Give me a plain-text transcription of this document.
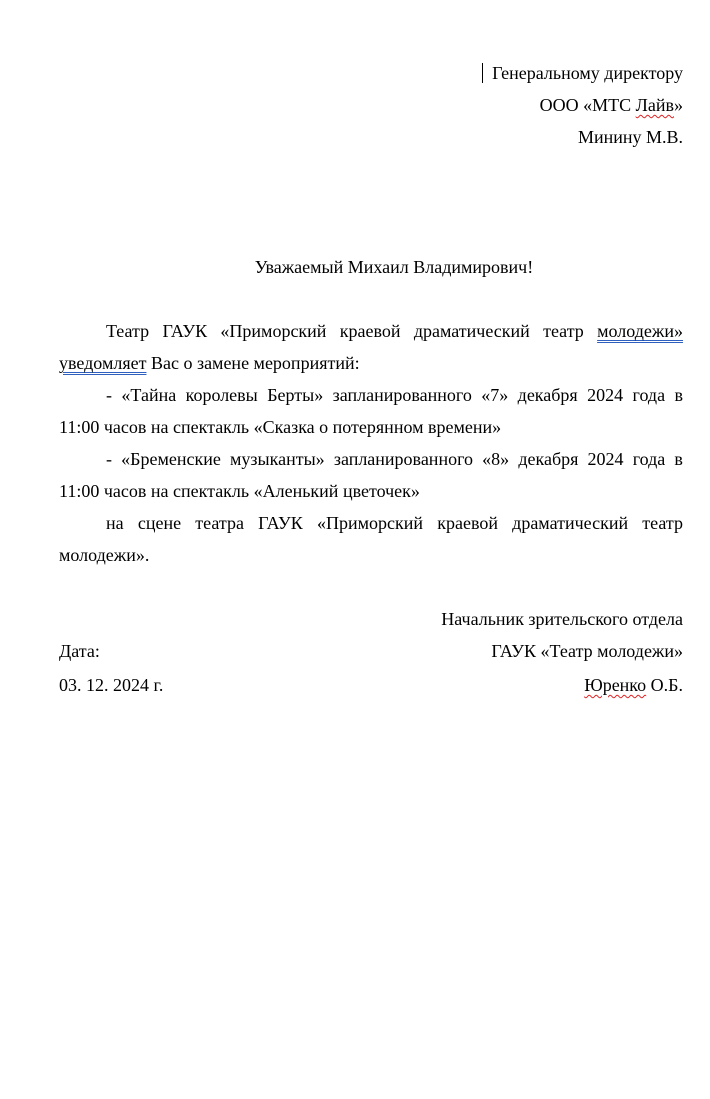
Генеральному директору
ООО «МТС Лайв»
Минину М.В.
Уважаемый Михаил Владимирович!
Театр ГАУК «Приморский краевой драматический театр молодежи»
уведомляет Вас о замене мероприятий:
- «Тайна королевы Берты» запланированного «7» декабря 2024 года в
11:00 часов на спектакль «Сказка о потерянном времени»
- «Бременские музыканты» запланированного «8» декабря 2024 года в
11:00 часов на спектакль «Аленький цветочек»
на сцене театра ГАУК «Приморский краевой драматический театр
молодежи».
Начальник зрительского отдела
Дата:	ГАУК «Театр молодежи»
03. 12. 2024 г.	Юренко О.Б.
